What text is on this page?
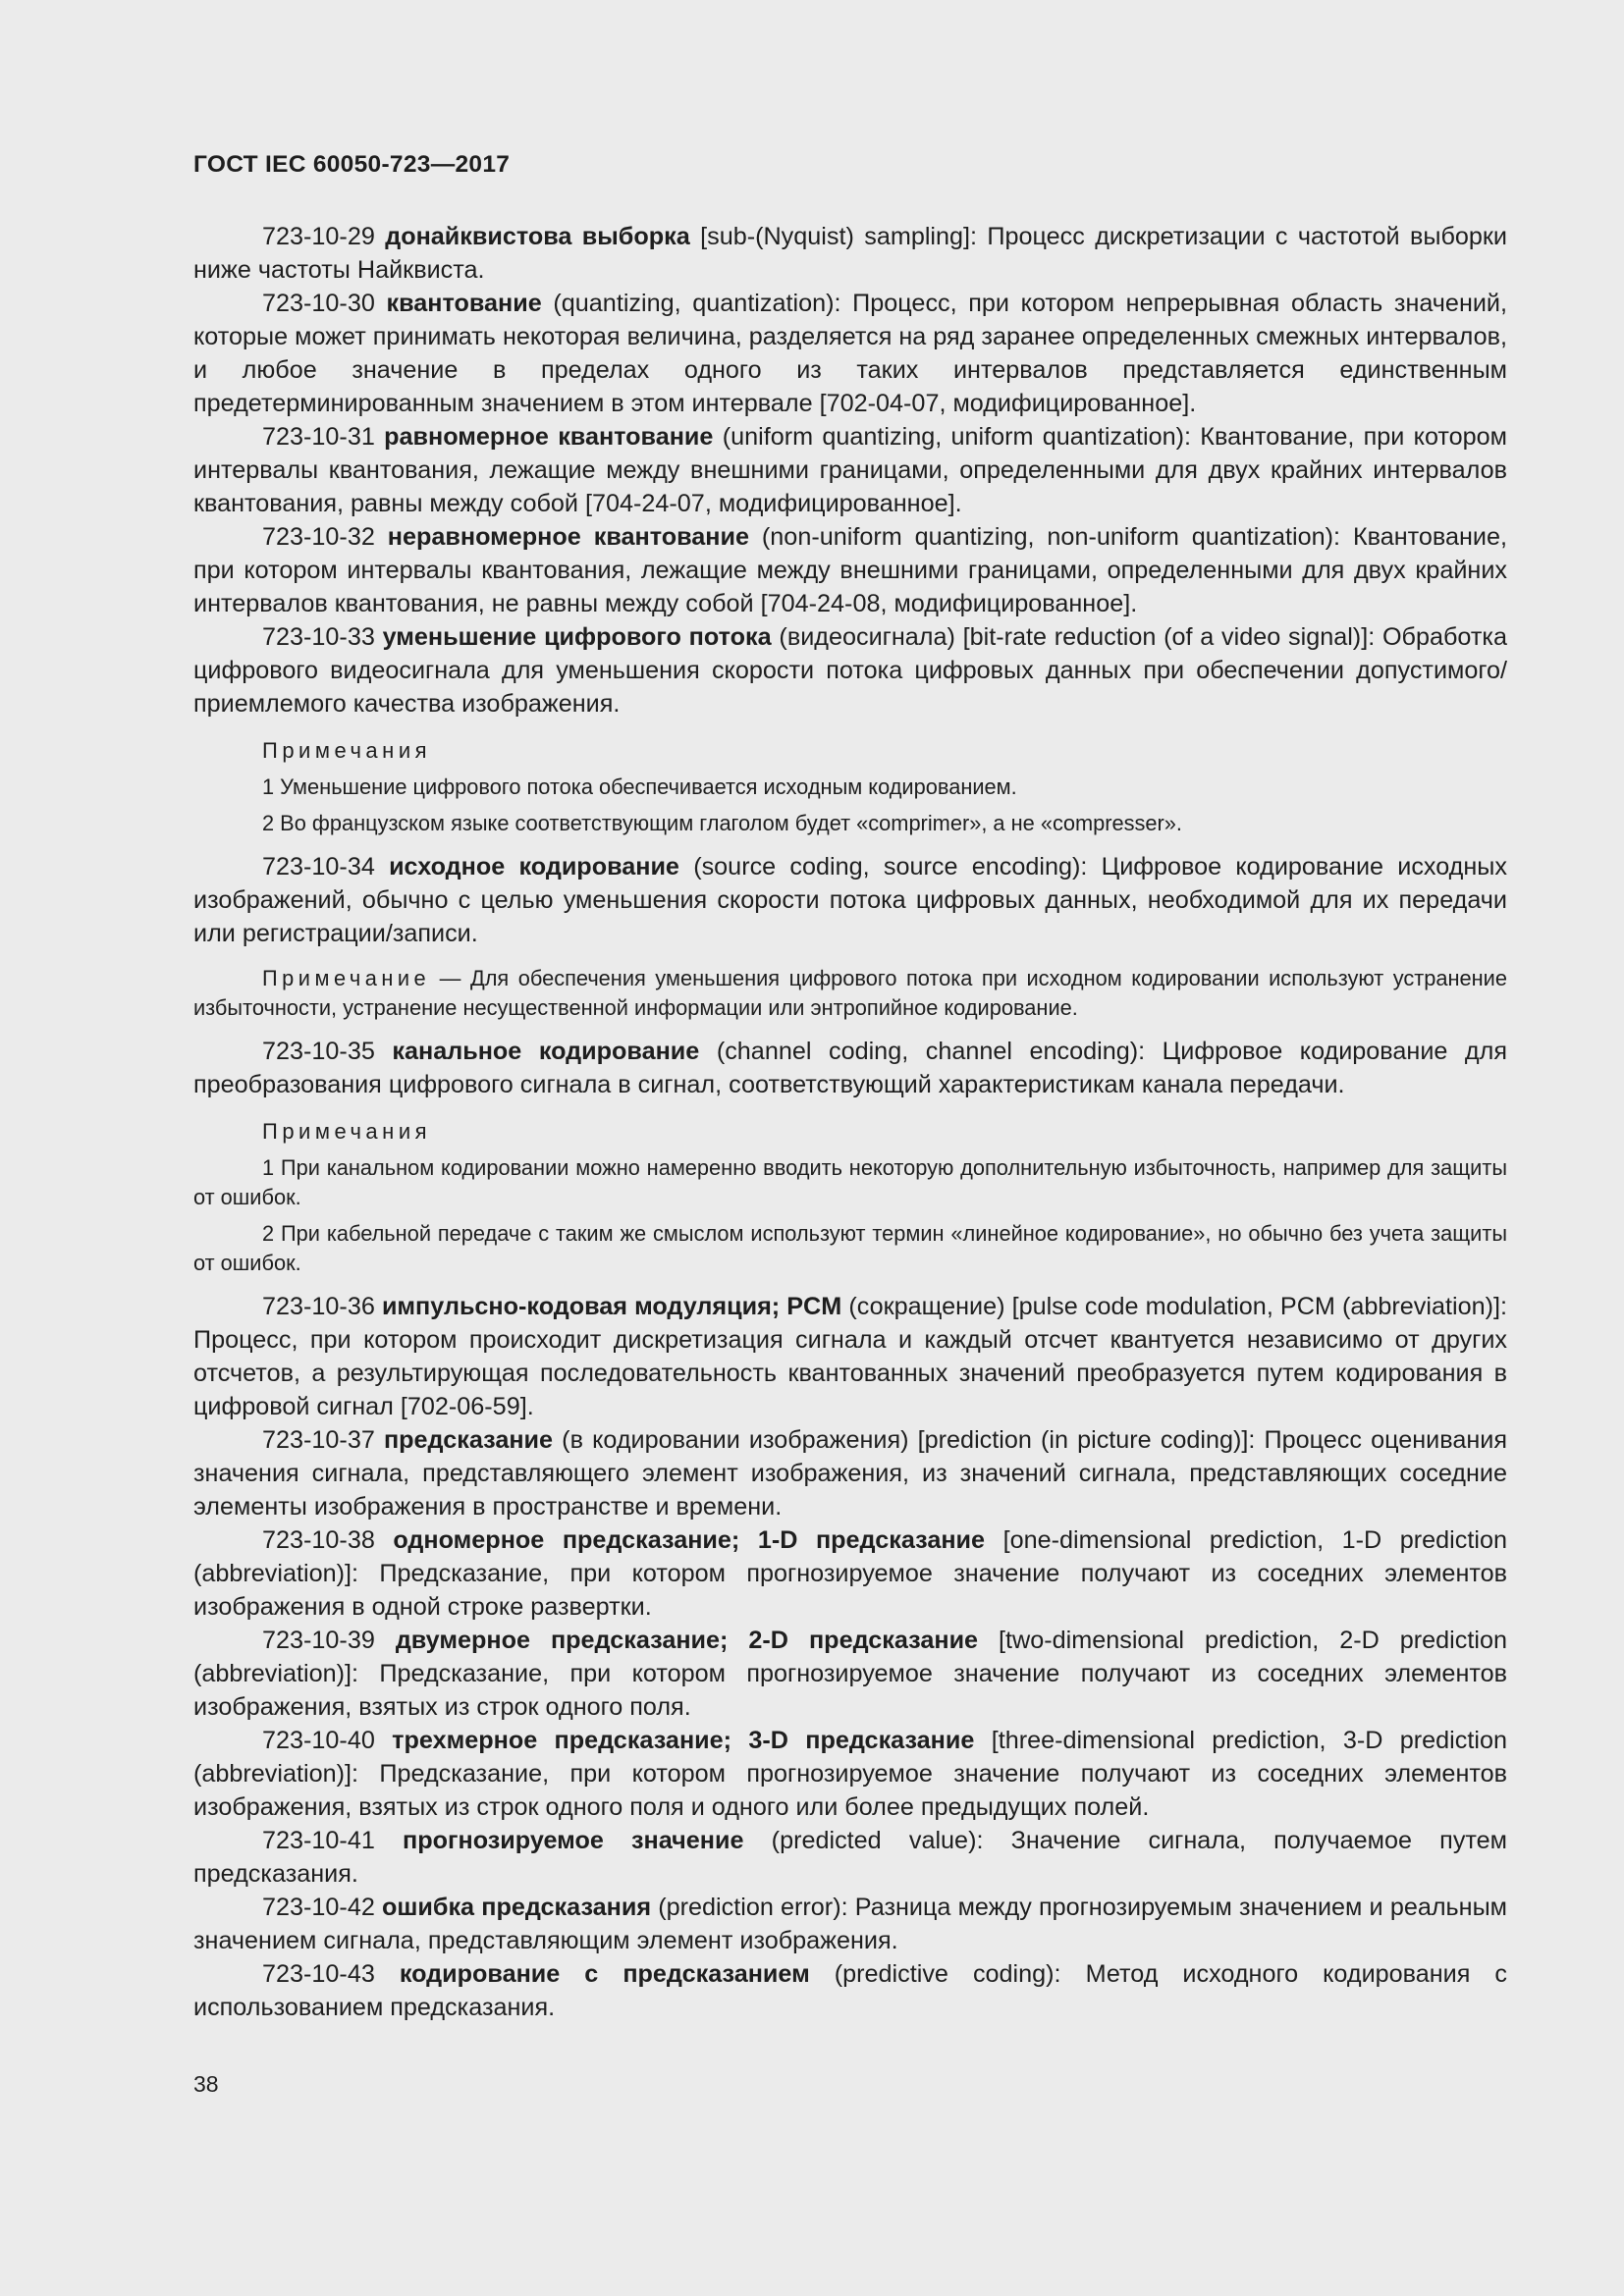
ГОСТ IEC 60050-723—2017

723-10-29 донайквистова выборка [sub-(Nyquist) sampling]: Процесс дискретизации с частотой выборки ниже частоты Найквиста.

723-10-30 квантование (quantizing, quantization): Процесс, при котором непрерывная область значений, которые может принимать некоторая величина, разделяется на ряд заранее определенных смежных интервалов, и любое значение в пределах одного из таких интервалов представляется единственным предетерминированным значением в этом интервале [702-04-07, модифицированное].

723-10-31 равномерное квантование (uniform quantizing, uniform quantization): Квантование, при котором интервалы квантования, лежащие между внешними границами, определенными для двух крайних интервалов квантования, равны между собой [704-24-07, модифицированное].

723-10-32 неравномерное квантование (non-uniform quantizing, non-uniform quantization): Квантование, при котором интервалы квантования, лежащие между внешними границами, определенными для двух крайних интервалов квантования, не равны между собой [704-24-08, модифицированное].

723-10-33 уменьшение цифрового потока (видеосигнала) [bit-rate reduction (of a video signal)]: Обработка цифрового видеосигнала для уменьшения скорости потока цифровых данных при обеспечении допустимого/приемлемого качества изображения.

Примечания

1 Уменьшение цифрового потока обеспечивается исходным кодированием.

2 Во французском языке соответствующим глаголом будет «comprimer», а не «compresser».

723-10-34 исходное кодирование (source coding, source encoding): Цифровое кодирование исходных изображений, обычно с целью уменьшения скорости потока цифровых данных, необходимой для их передачи или регистрации/записи.

Примечание — Для обеспечения уменьшения цифрового потока при исходном кодировании используют устранение избыточности, устранение несущественной информации или энтропийное кодирование.

723-10-35 канальное кодирование (channel coding, channel encoding): Цифровое кодирование для преобразования цифрового сигнала в сигнал, соответствующий характеристикам канала передачи.

Примечания

1 При канальном кодировании можно намеренно вводить некоторую дополнительную избыточность, например для защиты от ошибок.

2 При кабельной передаче с таким же смыслом используют термин «линейное кодирование», но обычно без учета защиты от ошибок.

723-10-36 импульсно-кодовая модуляция; PCM (сокращение) [pulse code modulation, PCM (abbreviation)]: Процесс, при котором происходит дискретизация сигнала и каждый отсчет квантуется независимо от других отсчетов, а результирующая последовательность квантованных значений преобразуется путем кодирования в цифровой сигнал [702-06-59].

723-10-37 предсказание (в кодировании изображения) [prediction (in picture coding)]: Процесс оценивания значения сигнала, представляющего элемент изображения, из значений сигнала, представляющих соседние элементы изображения в пространстве и времени.

723-10-38 одномерное предсказание; 1-D предсказание [one-dimensional prediction, 1-D prediction (abbreviation)]: Предсказание, при котором прогнозируемое значение получают из соседних элементов изображения в одной строке развертки.

723-10-39 двумерное предсказание; 2-D предсказание [two-dimensional prediction, 2-D prediction (abbreviation)]: Предсказание, при котором прогнозируемое значение получают из соседних элементов изображения, взятых из строк одного поля.

723-10-40 трехмерное предсказание; 3-D предсказание [three-dimensional prediction, 3-D prediction (abbreviation)]: Предсказание, при котором прогнозируемое значение получают из соседних элементов изображения, взятых из строк одного поля и одного или более предыдущих полей.

723-10-41 прогнозируемое значение (predicted value): Значение сигнала, получаемое путем предсказания.

723-10-42 ошибка предсказания (prediction error): Разница между прогнозируемым значением и реальным значением сигнала, представляющим элемент изображения.

723-10-43 кодирование с предсказанием (predictive coding): Метод исходного кодирования с использованием предсказания.

38
